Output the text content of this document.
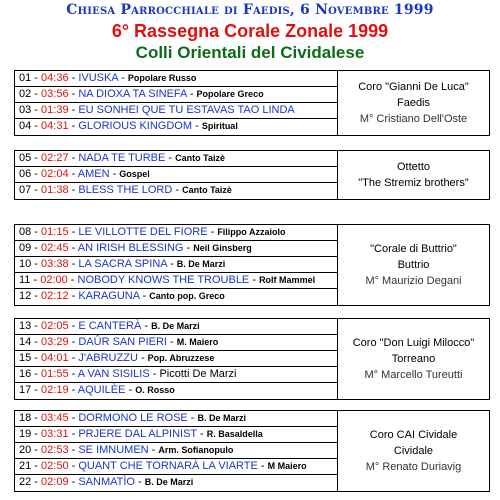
Chiesa Parrocchiale di Faedis, 6 Novembre 1999
6° Rassegna Corale Zonale 1999
Colli Orientali del Cividalese
01 - 04:36 - IVUSKA - Popolare Russo
02 - 03:56 - NA DIOXA TA SINEFA - Popolare Greco
03 - 01:39 - EU SONHEI QUE TU ESTAVAS TAO LINDA
04 - 04:31 - GLORIOUS KINGDOM - Spiritual
Coro "Gianni De Luca"
Faedis
M° Cristiano Dell'Oste
05 - 02:27 - NADA TE TURBE - Canto Taizè
06 - 02:04 - AMEN - Gospel
07 - 01:38 - BLESS THE LORD - Canto Taizè
Ottetto
"The Stremiz brothers"
08 - 01:15 - LE VILLOTTE DEL FIORE - Filippo Azzaiolo
09 - 02:45 - AN IRISH BLESSING - Neil Ginsberg
10 - 03:38 - LA SACRA SPINA - B. De Marzi
11 - 02:00 - NOBODY KNOWS THE TROUBLE - Rolf Mammel
12 - 02:12 - KARAGUNA - Canto pop. Greco
"Corale di Buttrio"
Buttrio
M° Maurizio Degani
13 - 02:05 - E CANTERÀ - B. De Marzi
14 - 03:29 - DAÛR SAN PIERI - M. Maiero
15 - 04:01 - J'ABRUZZU - Pop. Abruzzese
16 - 01:55 - A VAN SISILIS - Picotti De Marzi
17 - 02:19 - AQUILÈE - O. Rosso
Coro "Don Luigi Milocco"
Torreano
M° Marcello Tureutti
18 - 03:45 - DORMONO LE ROSE - B. De Marzi
19 - 03:31 - PRJERE DAL ALPINIST - R. Basaldella
20 - 02:53 - SE IMNUMEN - Arm. Sofianopulo
21 - 02:50 - QUANT CHE TORNARÀ LA VIARTE - M Maiero
22 - 02:09 - SANMATÌO - B. De Marzi
Coro CAI Cividale
Cividale
M° Renato Duriavig
